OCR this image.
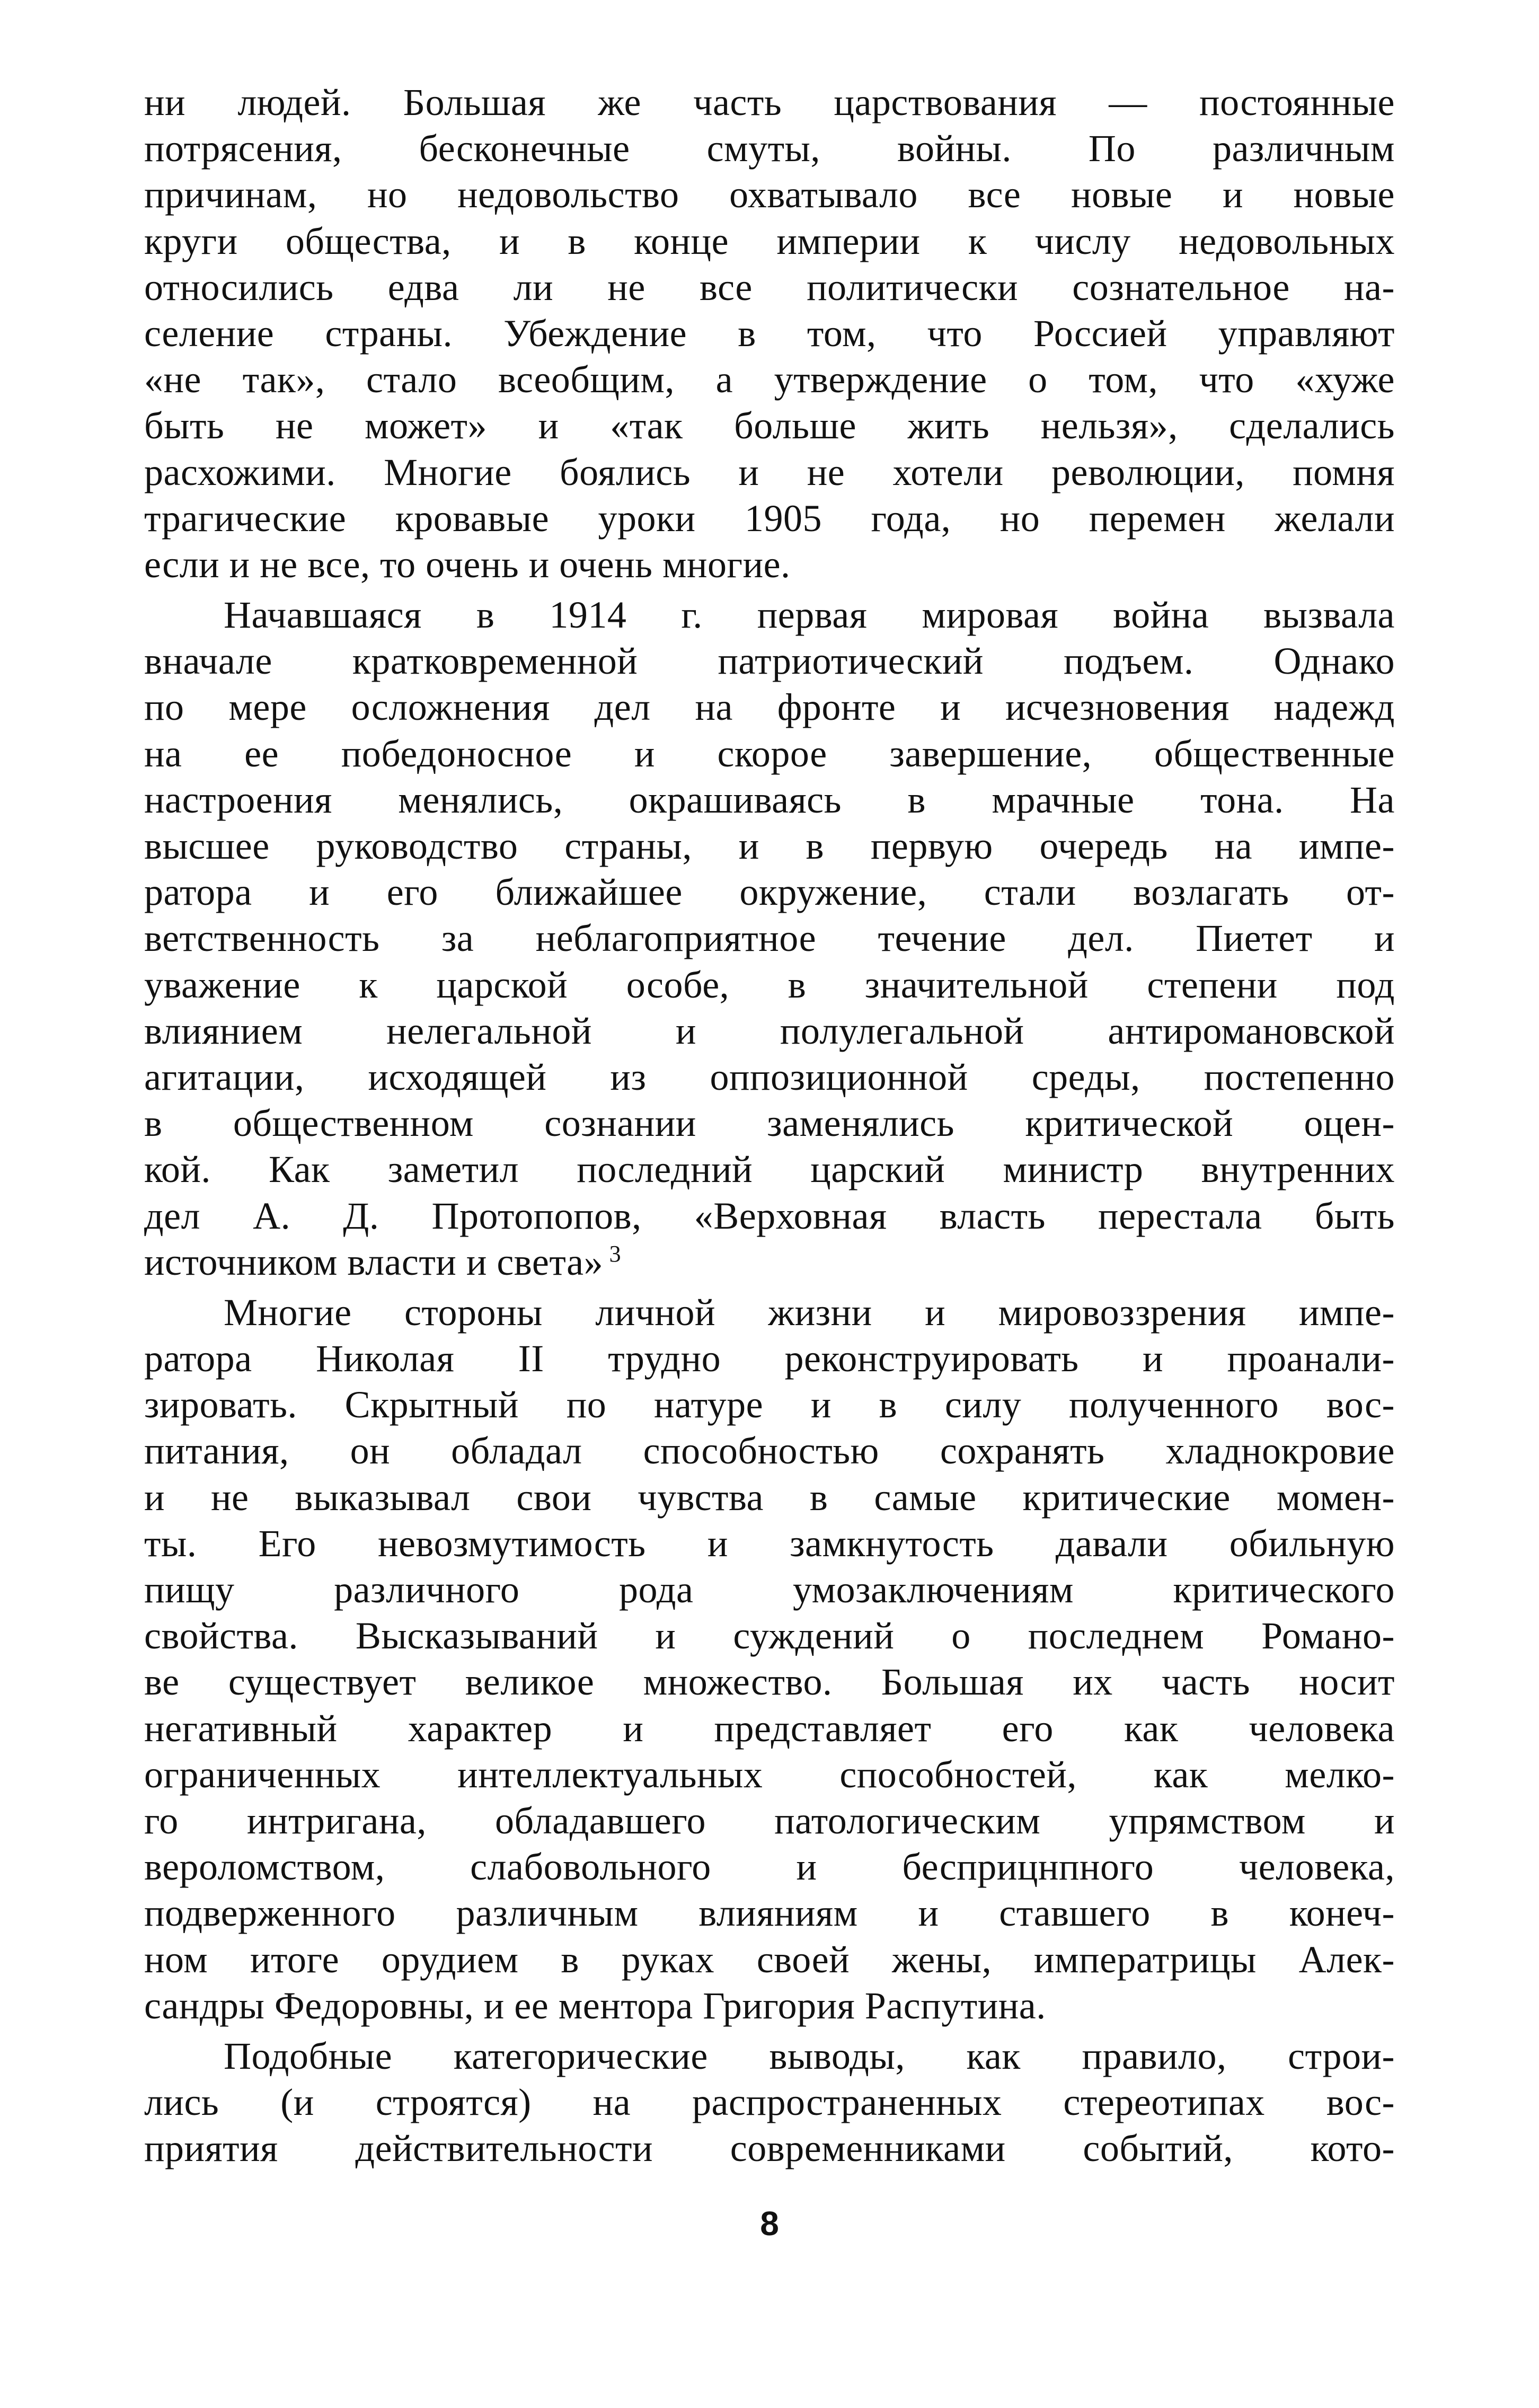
ни людей. Большая же часть царствования — постоянные
потрясения, бесконечные смуты, войны. По различным
причинам, но недовольство охватывало все новые и новые
круги общества, и в конце империи к числу недовольных
относились едва ли не все политически сознательное на-
селение страны. Убеждение в том, что Россией управляют
«не так», стало всеобщим, а утверждение о том, что «хуже
быть не может» и «так больше жить нельзя», сделались
расхожими. Многие боялись и не хотели революции, помня
трагические кровавые уроки 1905 года, но перемен желали
если и не все, то очень и очень многие.
Начавшаяся в 1914 г. первая мировая война вызвала
вначале кратковременной патриотический подъем. Однако
по мере осложнения дел на фронте и исчезновения надежд
на ее победоносное и скорое завершение, общественные
настроения менялись, окрашиваясь в мрачные тона. На
высшее руководство страны, и в первую очередь на импе-
ратора и его ближайшее окружение, стали возлагать от-
ветственность за неблагоприятное течение дел. Пиетет и
уважение к царской особе, в значительной степени под
влиянием нелегальной и полулегальной антиромановской
агитации, исходящей из оппозиционной среды, постепенно
в общественном сознании заменялись критической оцен-
кой. Как заметил последний царский министр внутренних
дел А. Д. Протопопов, «Верховная власть перестала быть
источником власти и света» $^3$
Многие стороны личной жизни и мировоззрения импе-
ратора Николая II трудно реконструировать и проанали-
зировать. Скрытный по натуре и в силу полученного вос-
питания, он обладал способностью сохранять хладнокровие
и не выказывал свои чувства в самые критические момен-
ты. Его невозмутимость и замкнутость давали обильную
пищу различного рода умозаключениям критического
свойства. Высказываний и суждений о последнем Романо-
ве существует великое множество. Большая их часть носит
негативный характер и представляет его как человека
ограниченных интеллектуальных способностей, как мелко-
го интригана, обладавшего патологическим упрямством и
вероломством, слабовольного и бесприцнпного человека,
подверженного различным влияниям и ставшего в конеч-
ном итоге орудием в руках своей жены, императрицы Алек-
сандры Федоровны, и ее ментора Григория Распутина.
Подобные категорические выводы, как правило, строи-
лись (и строятся) на распространенных стереотипах вос-
приятия действительности современниками событий, кото-
8
